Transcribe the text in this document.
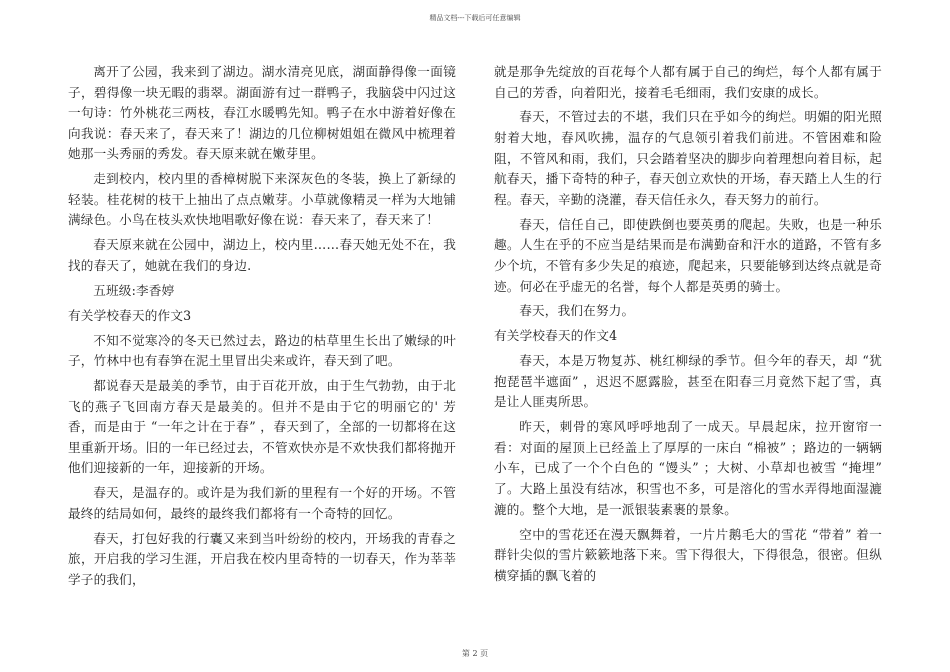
精品文档---下载后可任意编辑

离开了公园，我来到了湖边。湖水清亮见底，湖面静得像一面镜子，碧得像一块无暇的翡翠。湖面游有过一群鸭子，我脑袋中闪过这一句诗：竹外桃花三两枝，春江水暖鸭先知。鸭子在水中游着好像在向我说：春天来了，春天来了！湖边的几位柳树姐姐在微风中梳理着她那一头秀丽的秀发。春天原来就在嫩芽里。

走到校内，校内里的香樟树脱下来深灰色的冬装，换上了新绿的轻装。桂花树的枝干上抽出了点点嫩芽。小草就像精灵一样为大地铺满绿色。小鸟在枝头欢快地唱歌好像在说：春天来了，春天来了！

春天原来就在公园中，湖边上，校内里……春天她无处不在，我找的春天了，她就在我们的身边.

五班级:李香婷

有关学校春天的作文3

不知不觉寒冷的冬天已然过去，路边的枯草里生长出了嫩绿的叶子，竹林中也有春笋在泥土里冒出尖来或许，春天到了吧。

都说春天是最美的季节，由于百花开放，由于生气勃勃，由于北飞的燕子飞回南方春天是最美的。但并不是由于它的明丽它的' 芳香，而是由于 “一年之计在于春” ，春天到了，全部的一切都将在这里重新开场。旧的一年已经过去，不管欢快亦是不欢快我们都将抛开他们迎接新的一年，迎接新的开场。

春天，是温存的。或许是为我们新的里程有一个好的开场。不管最终的结局如何，最终的最终我们都将有一个奇特的回忆。

春天，打包好我的行囊又来到当叶纷纷的校内，开场我的青春之旅，开启我的学习生涯，开启我在校内里奇特的一切春天，作为莘莘学子的我们，

就是那争先绽放的百花每个人都有属于自己的绚烂，每个人都有属于自己的芳香，向着阳光，接着毛毛细雨，我们安康的成长。

春天，不管过去的不堪，我们只在乎如今的绚烂。明媚的阳光照射着大地，春风吹拂，温存的气息领引着我们前进。不管困难和险阻，不管风和雨，我们，只会踏着坚决的脚步向着理想向着目标，起航春天，播下奇特的种子，春天创立欢快的开场，春天踏上人生的行程。春天，辛勤的浇灌，春天信任永久，春天努力的前行。

春天，信任自己，即使跌倒也要英勇的爬起。失败，也是一种乐趣。人生在乎的不应当是结果而是布满勤奋和汗水的道路，不管有多少个坑，不管有多少失足的痕迹，爬起来，只要能够到达终点就是奇迹。何必在乎虚无的名誉，每个人都是英勇的骑士。

春天，我们在努力。

有关学校春天的作文4

春天，本是万物复苏、桃红柳绿的季节。但今年的春天，却 “犹抱琵琶半遮面” ，迟迟不愿露脸，甚至在阳春三月竟然下起了雪，真是让人匪夷所思。

昨天，刺骨的寒风呼呼地刮了一成天。早晨起床，拉开窗帘一看：对面的屋顶上已经盖上了厚厚的一床白 “棉被” ；路边的一辆辆小车，已成了一个个白色的 “馒头” ；大树、小草却也被雪 “掩埋” 了。大路上虽没有结冰，积雪也不多，可是溶化的雪水弄得地面湿漉漉的。整个大地，是一派银装素裹的景象。

空中的雪花还在漫天飘舞着，一片片鹅毛大的雪花 “带着” 着一群针尖似的雪片簌簌地落下来。雪下得很大，下得很急，很密。但纵横穿插的飘飞着的

第 2 页
